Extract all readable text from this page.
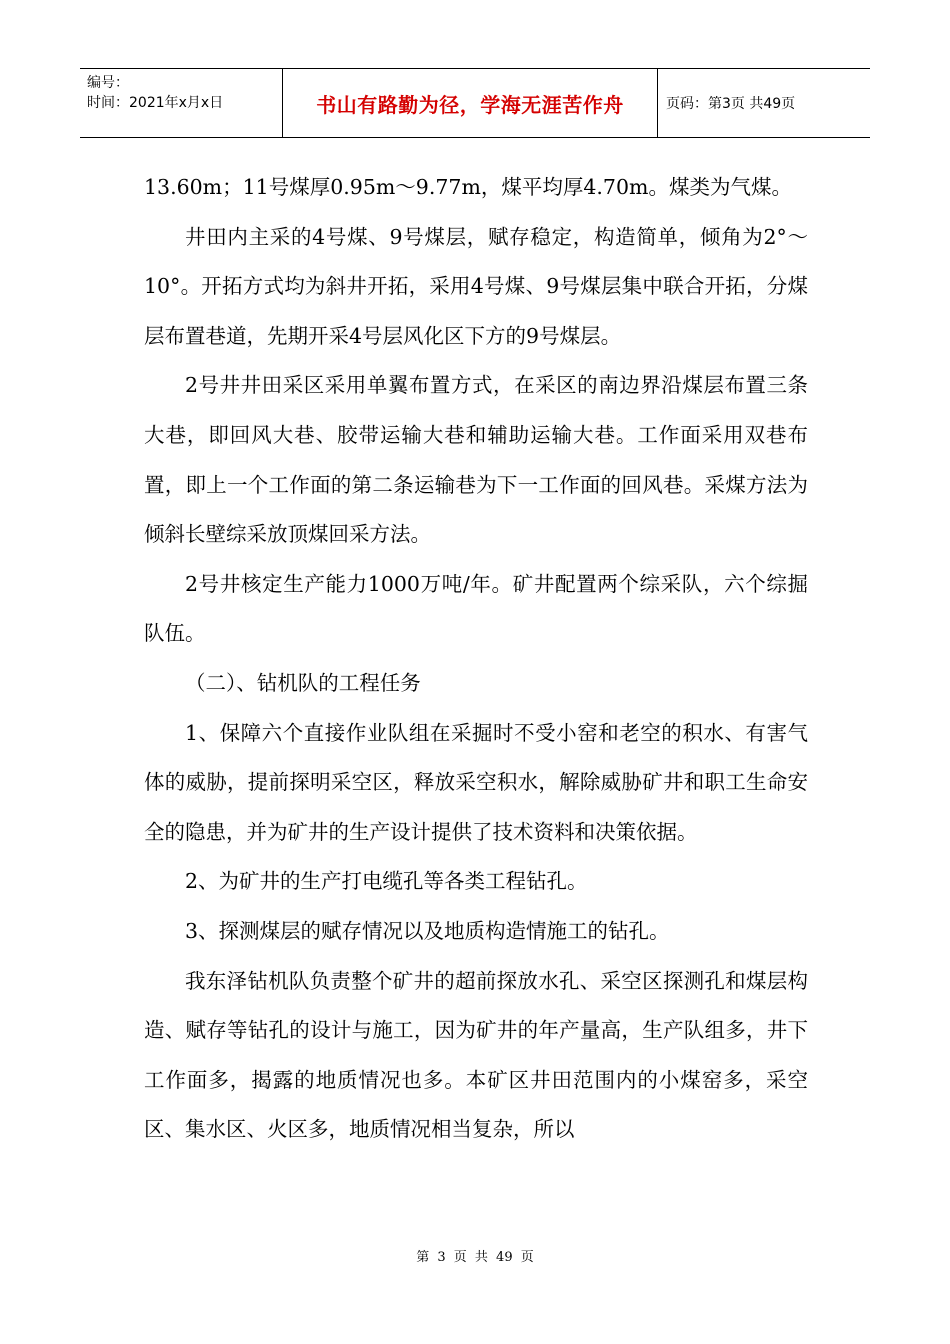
编号：
时间：2021年x月x日	书山有路勤为径，学海无涯苦作舟	页码：第3页 共49页

13.60m；11号煤厚0.95m～9.77m，煤平均厚4.70m。煤类为气煤。

井田内主采的4号煤、9号煤层，赋存稳定，构造简单，倾角为2°～10°。开拓方式均为斜井开拓，采用4号煤、9号煤层集中联合开拓，分煤层布置巷道，先期开采4号层风化区下方的9号煤层。

2号井井田采区采用单翼布置方式，在采区的南边界沿煤层布置三条大巷，即回风大巷、胶带运输大巷和辅助运输大巷。工作面采用双巷布置，即上一个工作面的第二条运输巷为下一工作面的回风巷。采煤方法为倾斜长壁综采放顶煤回采方法。

2号井核定生产能力1000万吨/年。矿井配置两个综采队，六个综掘队伍。

（二）、钻机队的工程任务

1、保障六个直接作业队组在采掘时不受小窑和老空的积水、有害气体的威胁，提前探明采空区，释放采空积水，解除威胁矿井和职工生命安全的隐患，并为矿井的生产设计提供了技术资料和决策依据。

2、为矿井的生产打电缆孔等各类工程钻孔。

3、探测煤层的赋存情况以及地质构造情施工的钻孔。

我东泽钻机队负责整个矿井的超前探放水孔、采空区探测孔和煤层构造、赋存等钻孔的设计与施工，因为矿井的年产量高，生产队组多，井下工作面多，揭露的地质情况也多。本矿区井田范围内的小煤窑多，采空区、集水区、火区多，地质情况相当复杂，所以

第 3 页 共 49 页
